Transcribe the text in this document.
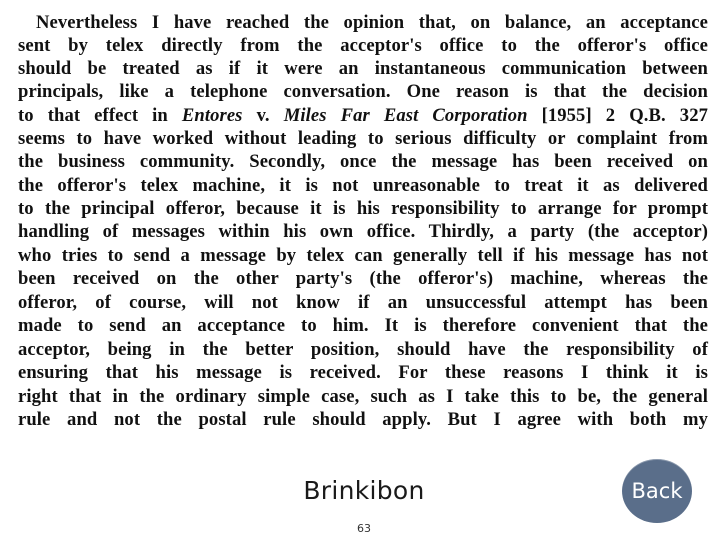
Nevertheless I have reached the opinion that, on balance, an acceptance
sent by telex directly from the acceptor's office to the offeror's office
should be treated as if it were an instantaneous communication between
principals, like a telephone conversation. One reason is that the decision
to that effect in Entores v. Miles Far East Corporation [1955] 2 Q.B. 327
seems to have worked without leading to serious difficulty or complaint from
the business community. Secondly, once the message has been received on
the offeror's telex machine, it is not unreasonable to treat it as delivered
to the principal offeror, because it is his responsibility to arrange for prompt
handling of messages within his own office. Thirdly, a party (the acceptor)
who tries to send a message by telex can generally tell if his message has not
been received on the other party's (the offeror's) machine, whereas the
offeror, of course, will not know if an unsuccessful attempt has been
made to send an acceptance to him. It is therefore convenient that the
acceptor, being in the better position, should have the responsibility of
ensuring that his message is received. For these reasons I think it is
right that in the ordinary simple case, such as I take this to be, the general
rule and not the postal rule should apply. But I agree with both my
Brinkibon
63
Back
